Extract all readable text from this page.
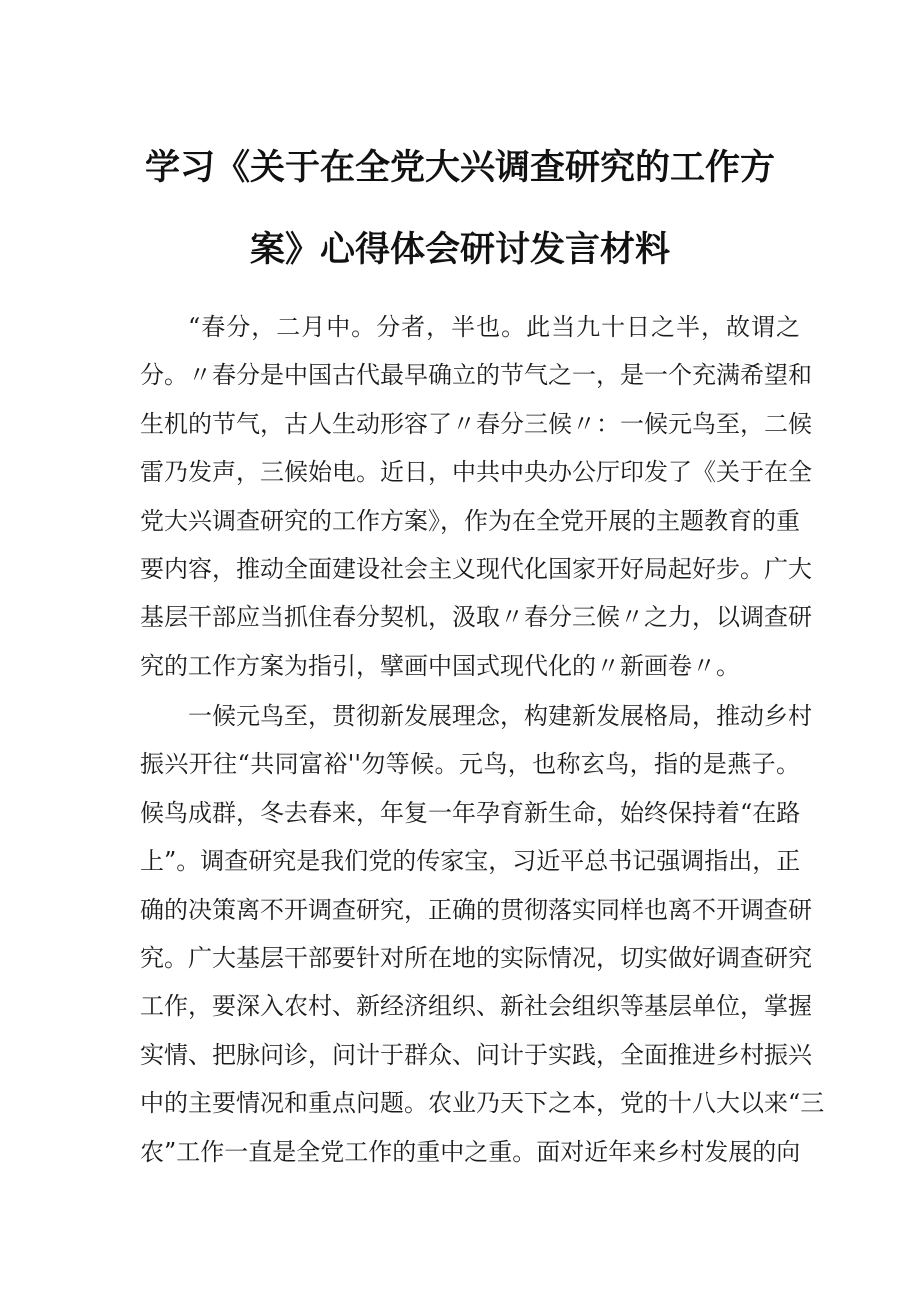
学习《关于在全党大兴调查研究的工作方
案》心得体会研讨发言材料
“春分，二月中。分者，半也。此当九十日之半，故谓之
分。〃春分是中国古代最早确立的节气之一，是一个充满希望和
生机的节气，古人生动形容了〃春分三候〃：一候元鸟至，二候
雷乃发声，三候始电。近日，中共中央办公厅印发了《关于在全
党大兴调查研究的工作方案》，作为在全党开展的主题教育的重
要内容，推动全面建设社会主义现代化国家开好局起好步。广大
基层干部应当抓住春分契机，汲取〃春分三候〃之力，以调查研
究的工作方案为指引，擘画中国式现代化的〃新画卷〃。
一候元鸟至，贯彻新发展理念，构建新发展格局，推动乡村
振兴开往“共同富裕''勿等候。元鸟，也称玄鸟，指的是燕子。
候鸟成群，冬去春来，年复一年孕育新生命，始终保持着“在路
上”。调查研究是我们党的传家宝，习近平总书记强调指出，正
确的决策离不开调查研究，正确的贯彻落实同样也离不开调查研
究。广大基层干部要针对所在地的实际情况，切实做好调查研究
工作，要深入农村、新经济组织、新社会组织等基层单位，掌握
实情、把脉问诊，问计于群众、问计于实践，全面推进乡村振兴
中的主要情况和重点问题。农业乃天下之本，党的十八大以来“三
农”工作一直是全党工作的重中之重。面对近年来乡村发展的向
